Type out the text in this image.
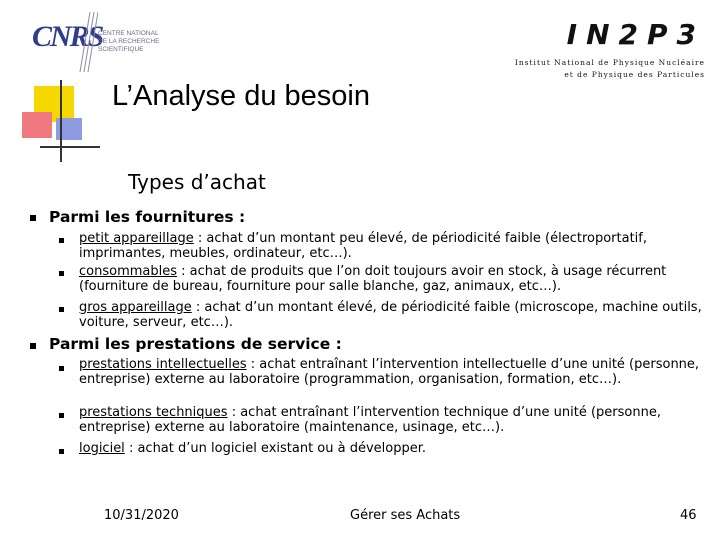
CNRS
CENTRE NATIONAL
DE LA RECHERCHE
SCIENTIFIQUE	IN2P3
Institut National de Physique Nucléaire
et de Physique des Particules
L’Analyse du besoin
Types d’achat
Parmi les fournitures :
petit appareillage : achat d’un montant peu élevé, de périodicité faible (électroportatif, imprimantes, meubles, ordinateur, etc…).
consommables : achat de produits que l’on doit toujours avoir en stock, à usage récurrent (fourniture de bureau, fourniture pour salle blanche, gaz, animaux, etc…).
gros appareillage : achat d’un montant élevé, de périodicité faible (microscope, machine outils, voiture, serveur, etc…).
Parmi les prestations de service :
prestations intellectuelles : achat entraînant l’intervention intellectuelle d’une unité (personne, entreprise) externe au laboratoire (programmation, organisation, formation, etc…).
prestations techniques : achat entraînant l’intervention technique d’une unité (personne, entreprise) externe au laboratoire (maintenance, usinage, etc…).
logiciel : achat d’un logiciel existant ou à développer.
10/31/2020	Gérer ses Achats	46
